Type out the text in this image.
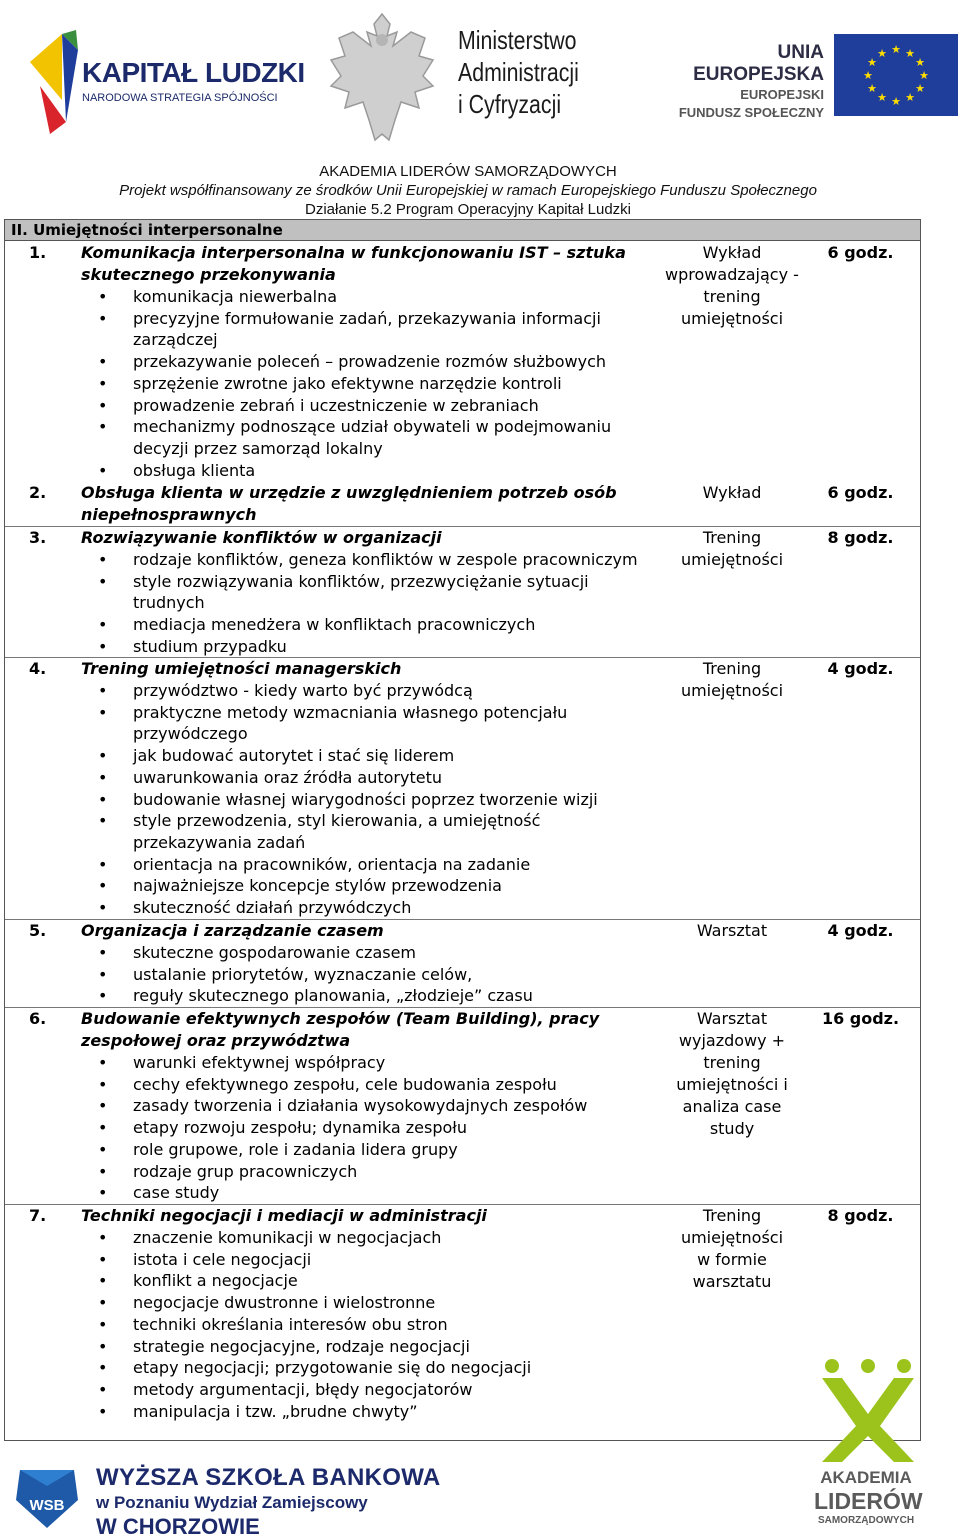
KAPITAŁ LUDZKI
NARODOWA STRATEGIA SPÓJNOŚCI
Ministerstwo
Administracji
i Cyfryzacji
UNIA EUROPEJSKA
EUROPEJSKI
FUNDUSZ SPOŁECZNY
★ ★
★
★
★
★
★
★
★
★
★
★
AKADEMIA LIDERÓW SAMORZĄDOWYCH
Projekt współfinansowany ze środków Unii Europejskiej w ramach Europejskiego Funduszu Społecznego
Działanie 5.2 Program Operacyjny Kapitał Ludzki
II. Umiejętności interpersonalne
1. Komunikacja interpersonalna w funkcjonowaniu IST – sztuka skutecznego przekonywania
• komunikacja niewerbalna
• precyzyjne formułowanie zadań, przekazywania informacji zarządczej
• przekazywanie poleceń – prowadzenie rozmów służbowych
• sprzężenie zwrotne jako efektywne narzędzie kontroli
• prowadzenie zebrań i uczestniczenie w zebraniach
• mechanizmy podnoszące udział obywateli w podejmowaniu decyzji przez samorząd lokalny
• obsługa klienta
Wykład wprowadzający - trening umiejętności
6 godz.
2. Obsługa klienta w urzędzie z uwzględnieniem potrzeb osób niepełnosprawnych
Wykład	6 godz.
3. Rozwiązywanie konfliktów w organizacji
• rodzaje konfliktów, geneza konfliktów w zespole pracowniczym
• style rozwiązywania konfliktów, przezwyciężanie sytuacji trudnych
• mediacja menedżera w konfliktach pracowniczych
• studium przypadku
Trening umiejętności
8 godz.
4. Trening umiejętności managerskich
• przywództwo - kiedy warto być przywódcą
• praktyczne metody wzmacniania własnego potencjału przywódczego
• jak budować autorytet i stać się liderem
• uwarunkowania oraz źródła autorytetu
• budowanie własnej wiarygodności poprzez tworzenie wizji
• style przewodzenia, styl kierowania, a umiejętność przekazywania zadań
• orientacja na pracowników, orientacja na zadanie
• najważniejsze koncepcje stylów przewodzenia
• skuteczność działań przywódczych
Trening umiejętności
4 godz.
5. Organizacja i zarządzanie czasem
• skuteczne gospodarowanie czasem
• ustalanie priorytetów, wyznaczanie celów,
• reguły skutecznego planowania, „złodzieje” czasu
Warsztat	4 godz.
6. Budowanie efektywnych zespołów (Team Building), pracy zespołowej oraz przywództwa
• warunki efektywnej współpracy
• cechy efektywnego zespołu, cele budowania zespołu
• zasady tworzenia i działania wysokowydajnych zespołów
• etapy rozwoju zespołu; dynamika zespołu
• role grupowe, role i zadania lidera grupy
• rodzaje grup pracowniczych
• case study
Warsztat wyjazdowy + trening umiejętności i analiza case study
16 godz.
7. Techniki negocjacji i mediacji w administracji
• znaczenie komunikacji w negocjacjach
• istota i cele negocjacji
• konflikt a negocjacje
• negocjacje dwustronne i wielostronne
• techniki określania interesów obu stron
• strategie negocjacyjne, rodzaje negocjacji
• etapy negocjacji; przygotowanie się do negocjacji
• metody argumentacji, błędy negocjatorów
• manipulacja i tzw. „brudne chwyty”
Trening umiejętności w formie warsztatu
8 godz.
WSB
WYŻSZA SZKOŁA BANKOWA
w Poznaniu Wydział Zamiejscowy
W CHORZOWIE
AKADEMIA
LIDERÓW
SAMORZĄDOWYCH
